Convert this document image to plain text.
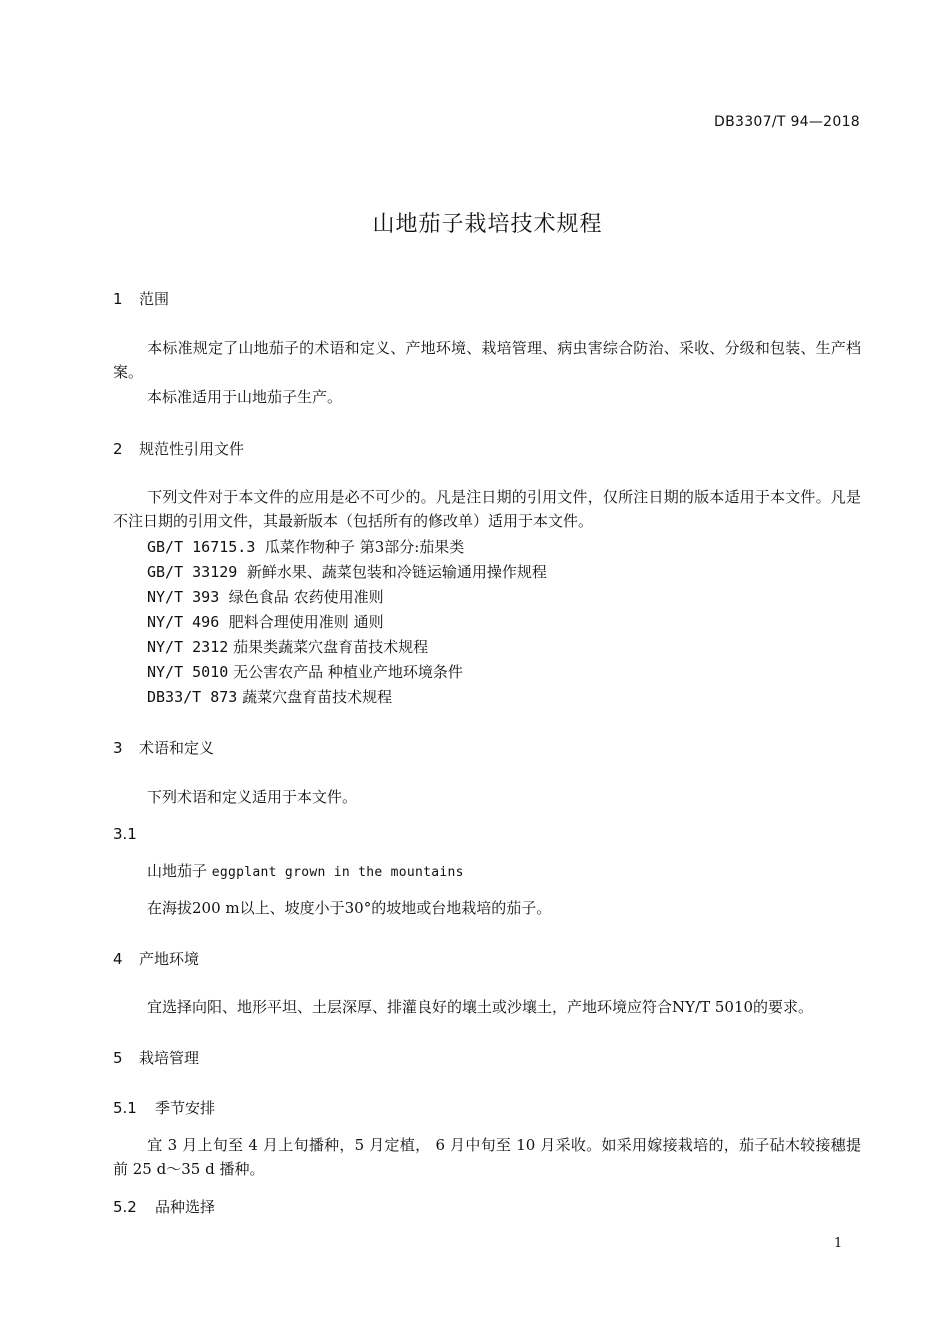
DB3307/T 94—2018
山地茄子栽培技术规程
1 范围
本标准规定了山地茄子的术语和定义、产地环境、栽培管理、病虫害综合防治、采收、分级和包装、生产档案。
本标准适用于山地茄子生产。
2 规范性引用文件
下列文件对于本文件的应用是必不可少的。凡是注日期的引用文件，仅所注日期的版本适用于本文件。凡是不注日期的引用文件，其最新版本（包括所有的修改单）适用于本文件。
GB/T 16715.3 瓜菜作物种子 第3部分:茄果类
GB/T 33129 新鲜水果、蔬菜包装和冷链运输通用操作规程
NY/T 393 绿色食品 农药使用准则
NY/T 496 肥料合理使用准则 通则
NY/T 2312 茄果类蔬菜穴盘育苗技术规程
NY/T 5010 无公害农产品 种植业产地环境条件
DB33/T 873 蔬菜穴盘育苗技术规程
3 术语和定义
下列术语和定义适用于本文件。
3.1
山地茄子 eggplant grown in the mountains
在海拔200 m以上、坡度小于30°的坡地或台地栽培的茄子。
4 产地环境
宜选择向阳、地形平坦、土层深厚、排灌良好的壤土或沙壤土，产地环境应符合NY/T 5010的要求。
5 栽培管理
5.1 季节安排
宜 3 月上旬至 4 月上旬播种，5 月定植， 6 月中旬至 10 月采收。如采用嫁接栽培的，茄子砧木较接穗提前 25 d～35 d 播种。
5.2 品种选择
1
